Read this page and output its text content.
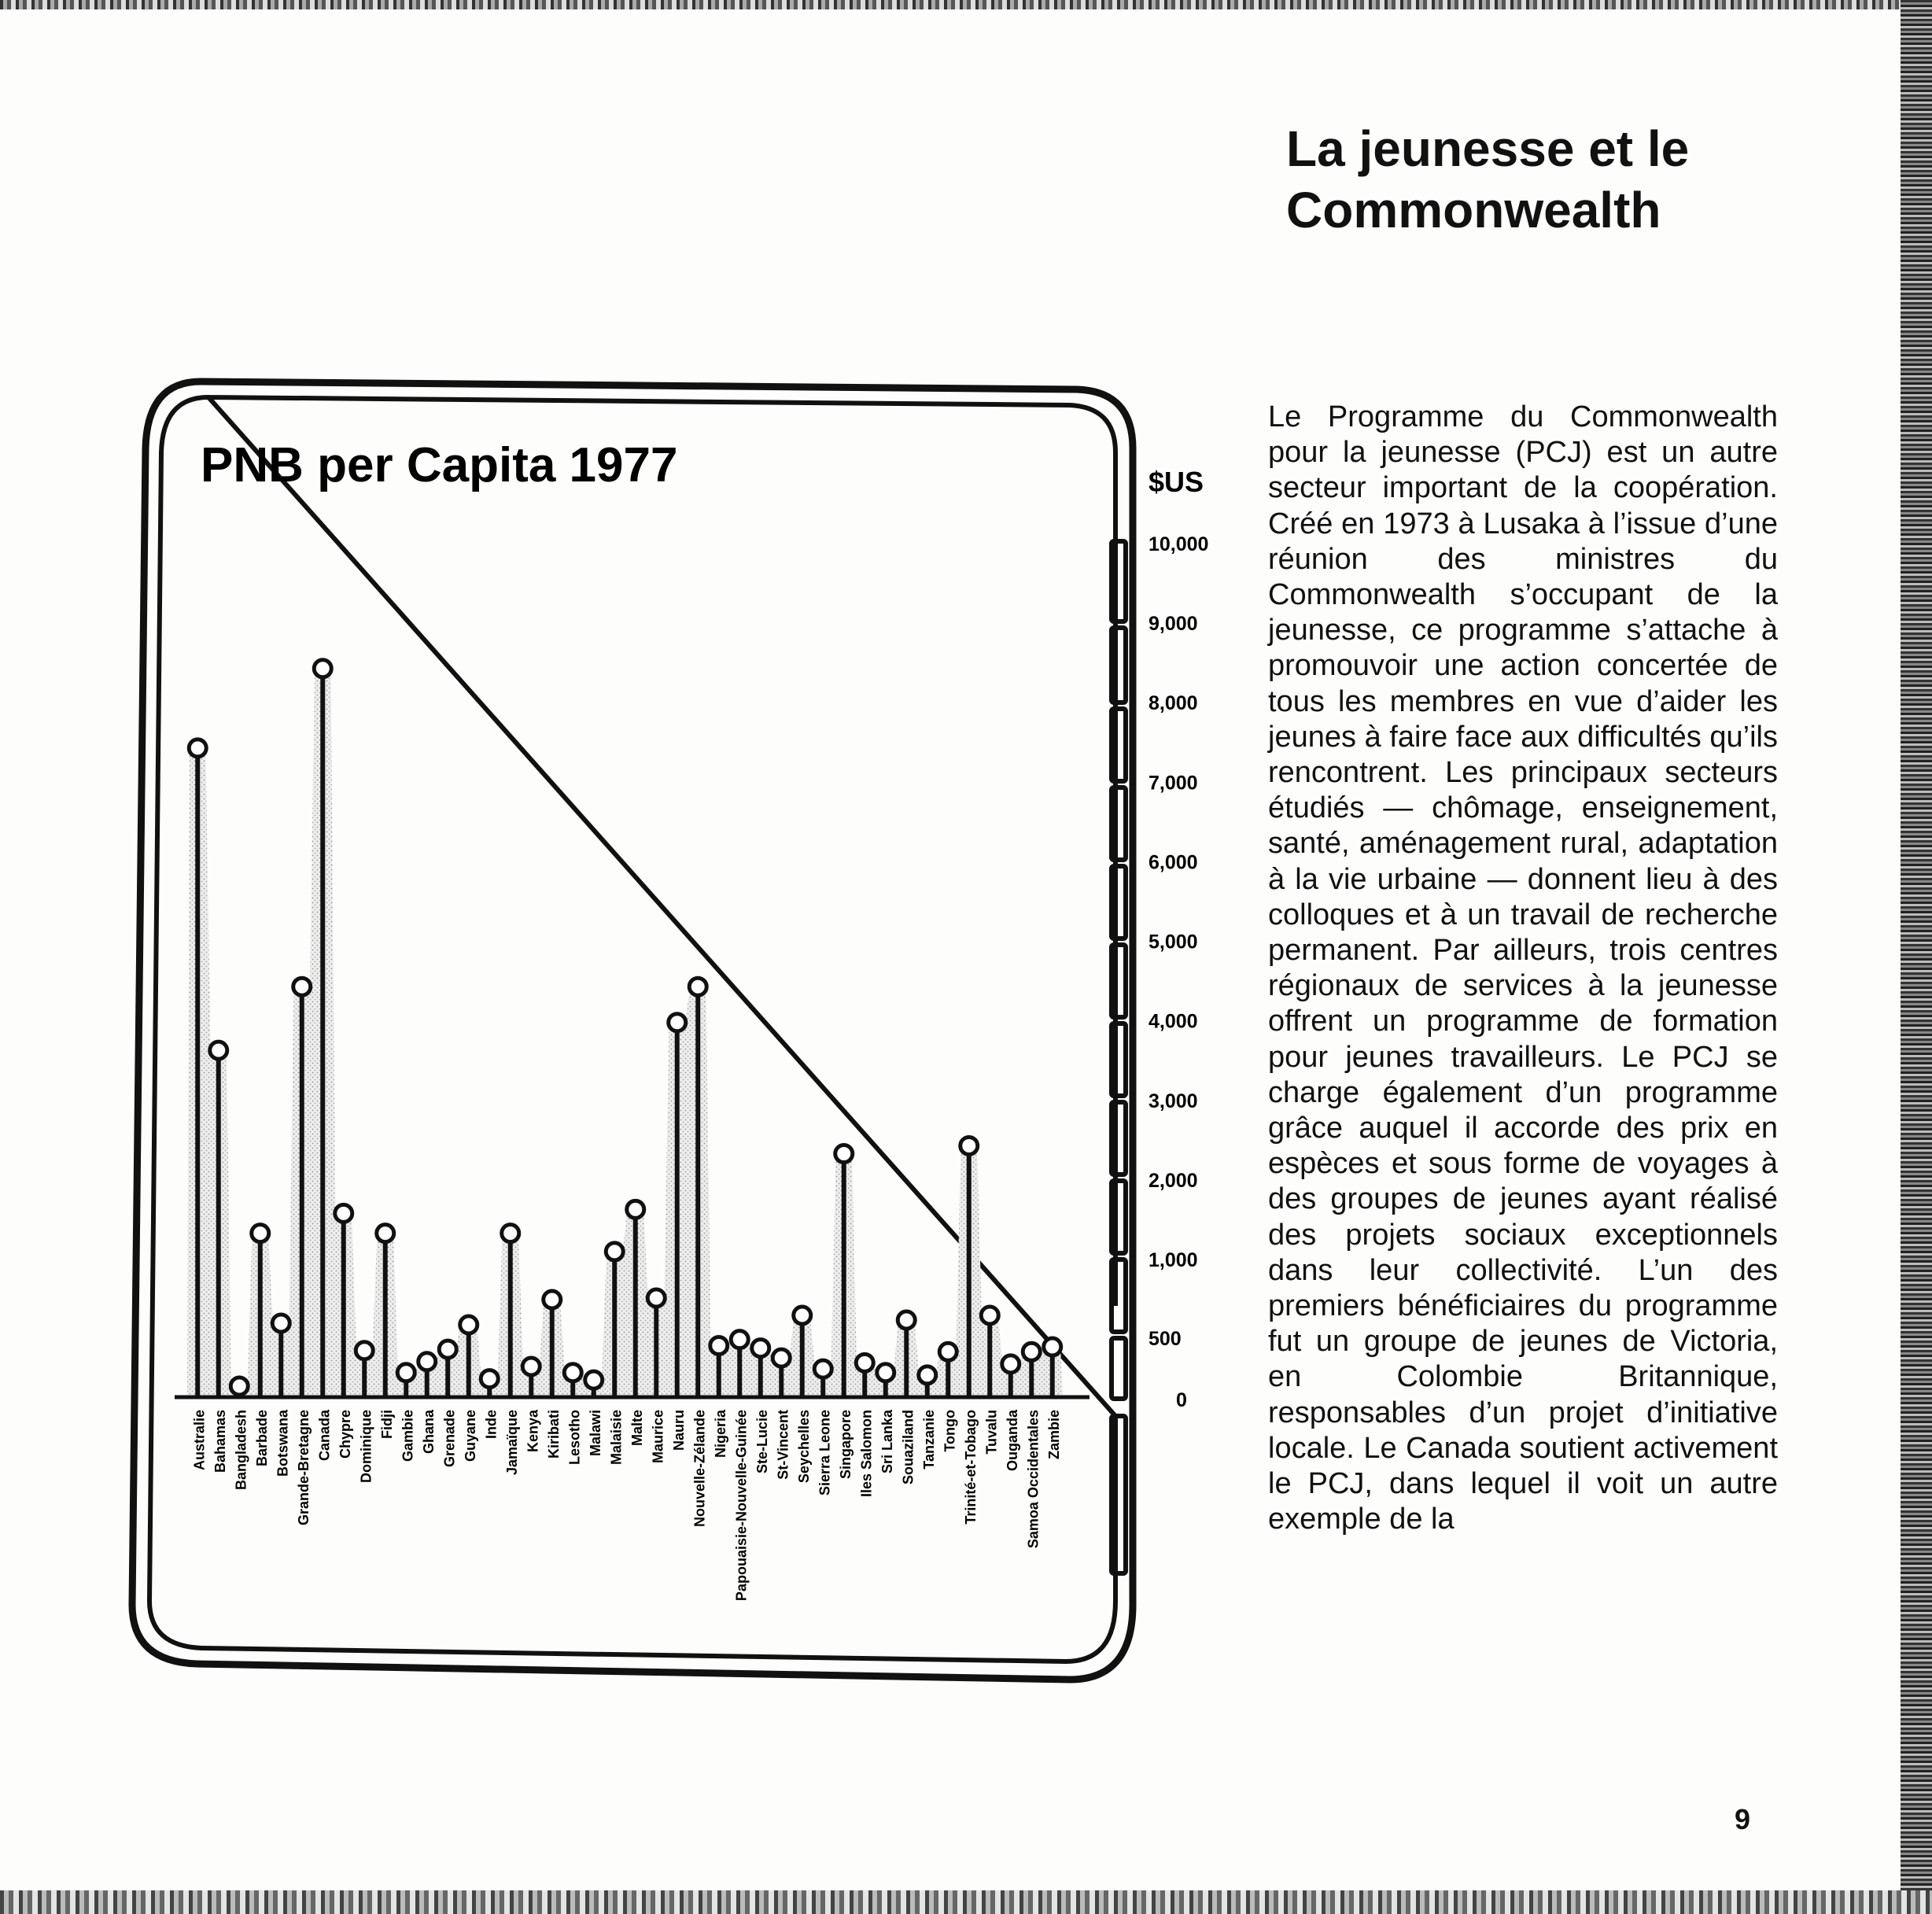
PNB per Capita 1977	$US
0
500
1,000
2,000
3,000
4,000
5,000
6,000
7,000
8,000
9,000
10,000
Australie Bahamas Bangladesh Barbade Botswana Grande-Bretagne Canada Chypre Dominique Fidji Gambie Ghana Grenade Guyane Inde Jamaïque Kenya Kiribati Lesotho Malawi Malaisie Malte Maurice Nauru Nouvelle-Zélande Nigeria Papouaisie-Nouvelle-Guinée Ste-Lucie St-Vincent Seychelles Sierra Leone Singapore Iles Salomon Sri Lanka Souaziland Tanzanie Tongo Trinité-et-Tobago Tuvalu Ouganda Samoa Occidentales Zambie
La jeunesse et le
Commonwealth
Le Programme du Commonwealth pour la jeunesse (PCJ) est un autre secteur important de la coopération. Créé en 1973 à Lusaka à l’issue d’une réunion des ministres du Commonwealth s’occupant de la jeunesse, ce programme s’attache à promouvoir une action concertée de tous les membres en vue d’aider les jeunes à faire face aux difficultés qu’ils rencontrent. Les principaux secteurs étudiés — chômage, enseignement, santé, aménagement rural, adaptation à la vie urbaine — donnent lieu à des colloques et à un travail de recherche permanent. Par ailleurs, trois centres régionaux de services à la jeunesse offrent un programme de formation pour jeunes travailleurs. Le PCJ se charge également d’un programme grâce auquel il accorde des prix en espèces et sous forme de voyages à des groupes de jeunes ayant réalisé des projets sociaux exceptionnels dans leur collectivité. L’un des premiers bénéficiaires du programme fut un groupe de jeunes de Victoria, en Colombie Britannique, responsables d’un projet d’initiative locale. Le Canada soutient activement le PCJ, dans lequel il voit un autre exemple de la
9
